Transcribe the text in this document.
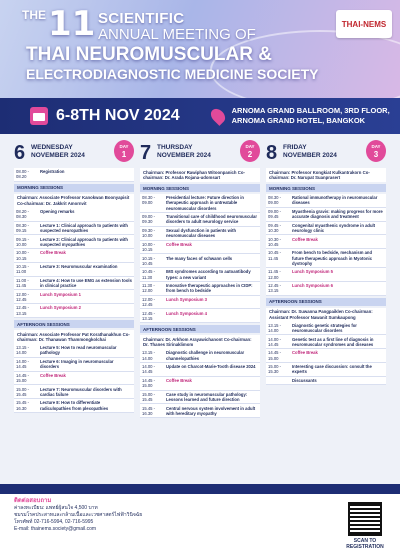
THE 11 SCIENTIFIC
ANNUAL MEETING OF
THAI NEUROMUSCULAR &
ELECTRODIAGNOSTIC MEDICINE SOCIETY
THAI-NEMS
6-8TH NOV 2024	ARNOMA GRAND BALLROOM, 3RD FLOOR,
ARNOMA GRAND HOTEL, BANGKOK
6 WEDNESDAY
NOVEMBER 2024
DAY
1
08.00 - 08.20
Registration
MORNING SESSIONS
Chairman: Associate Professor Kanokwan Boonyapisit Co-chairman: Dr. Jakkrit Amornvit
08.20 - 08.30
Opening remarks
08.30 - 09.15
Lecture 1: Clinical approach to patients with suspected neuropathies
09.15 - 10.00
Lecture 2: Clinical approach to patients with suspected myopathies
10.00 - 10.15
Coffee Break
10.15 - 11.00
Lecture 3: Neuromuscular examination
11.00 - 11.45
Lecture 4: How to use EMG as extension tools in clinical practice
12.00 - 12.45
Lunch Symposium 1
12.45 - 13.15
Lunch Symposium 2
AFTERNOON SESSIONS
Chairman: Associate Professor Pat Korathanakhun Co-chairman: Dr. Thanawan Thammongkolchai
13.15 - 14.00
Lecture 5: How to read neuromuscular pathology
14.00 - 14.45
Lecture 6: Imaging in neuromuscular disorders
14.45 - 15.00
Coffee Break
15.00 - 15.45
Lecture 7: Neuromuscular disorders with cardiac failure
15.45 - 16.30
Lecture 8: How to differentiate radiculopathies from plexopathies
7 THURSDAY
NOVEMBER 2024
DAY
2
Chairman: Professor Rawiphan Witoonpanich Co-chairman: Dr. Arada Rojana-udomsart
MORNING SESSIONS
08.30 - 09.00
Presidential lecture: Future direction in therapeutic approach in untreatable neuromuscular disorders
09.00 - 09.30
Transitional care of childhood neuromuscular disorders to adult neurology service
09.30 - 10.00
Sexual dysfunction in patients with neuromuscular diseases
10.00 - 10.15
Coffee Break
10.15 - 10.45
The many faces of schwann cells
10.45 - 11.30
IMS syndromes according to autoantibody types: a new variant
11.30 - 12.00
Innovative therapeutic approaches in CIDP: from bench to bedside
12.00 - 12.45
Lunch Symposium 3
12.45 - 13.15
Lunch Symposium 4
AFTERNOON SESSIONS
Chairman: Dr. Arkhom Arayawichanont Co-chairman: Dr. Thanes Sirinaklimom
13.15 - 14.00
Diagnostic challenge in neuromuscular channelopathies
14.00 - 14.45
Update on Charcot-Marie-Tooth disease 2024
14.45 - 15.00
Coffee Break
15.00 - 15.45
Case study in neuromuscular pathology: Lessons learned and future direction
15.45 - 16.30
Central nervous system involvement in adult with hereditary myopathy
8 FRIDAY
NOVEMBER 2024
DAY
3
Chairman: Professor Kongkiat Kulkantrakorn Co-chairman: Dr. Narupat Suanprasert
MORNING SESSIONS
08.30 - 09.00
Rational immunotherapy in neuromuscular diseases
09.00 - 09.45
Myasthenia gravis: making progress for more accurate diagnosis and treatment
09.45 - 10.30
Congenital myasthenic syndrome in adult neurology clinic
10.30 - 10.45
Coffee Break
10.45 - 11.45
From bench to bedside, mechanism and future therapeutic approach in Myotonic dystrophy
11.45 - 12.00
Lunch Symposium 5
12.45 - 13.15
Lunch Symposium 6
AFTERNOON SESSIONS
Chairman: Dr. Suwanna Pangpaiklen Co-chairman: Assistant Professor Nawanit Sumkaupong
13.15 - 14.00
Diagnostic genetic strategies for neuromuscular disorders
14.00 - 14.45
Genetic test as a first line of diagnosis in neuromuscular syndromes and diseases
14.45 - 15.00
Coffee Break
15.00 - 15.30
Interesting case discussion: consult the experts
Discussants
ติดต่อสอบถาม
ค่าลงทะเบียน: แพทย์ผู้สนใจ 4,500 บาท
ชมรมโรคประสาทและกล้ามเนื้อและเวชศาสตร์ไฟฟ้าวินิจฉัย
โทรศัพท์ 02-716-5994, 02-716-5995
E-mail: thainems.society@gmail.com
SCAN TO
REGISTRATION
